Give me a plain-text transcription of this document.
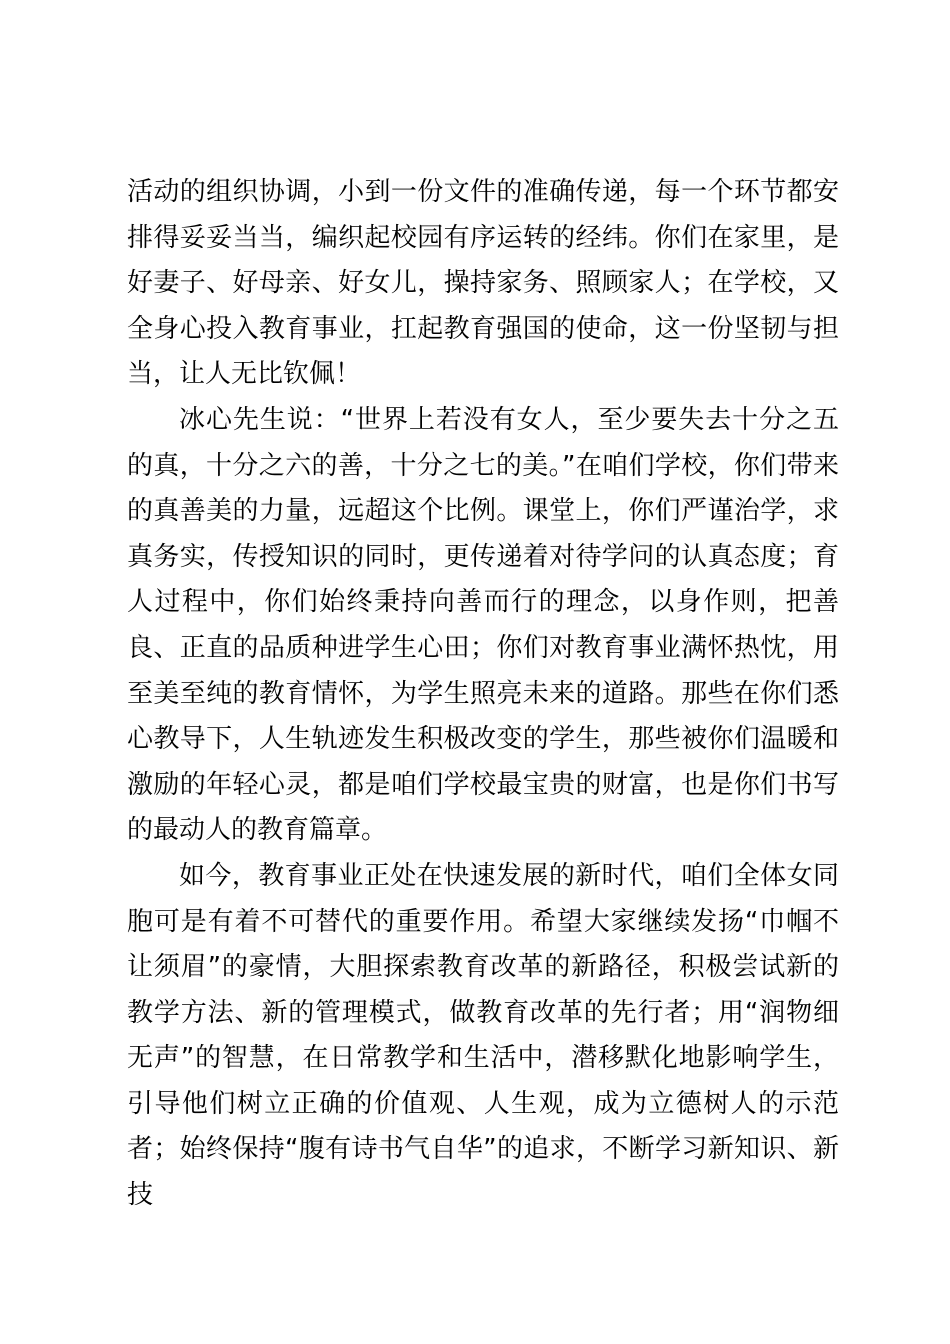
活动的组织协调，小到一份文件的准确传递，每一个环节都安排得妥妥当当，编织起校园有序运转的经纬。你们在家里，是好妻子、好母亲、好女儿，操持家务、照顾家人；在学校，又全身心投入教育事业，扛起教育强国的使命，这一份坚韧与担当，让人无比钦佩！

冰心先生说：“世界上若没有女人，至少要失去十分之五的真，十分之六的善，十分之七的美。”在咱们学校，你们带来的真善美的力量，远超这个比例。课堂上，你们严谨治学，求真务实，传授知识的同时，更传递着对待学问的认真态度；育人过程中，你们始终秉持向善而行的理念，以身作则，把善良、正直的品质种进学生心田；你们对教育事业满怀热忱，用至美至纯的教育情怀，为学生照亮未来的道路。那些在你们悉心教导下，人生轨迹发生积极改变的学生，那些被你们温暖和激励的年轻心灵，都是咱们学校最宝贵的财富，也是你们书写的最动人的教育篇章。

如今，教育事业正处在快速发展的新时代，咱们全体女同胞可是有着不可替代的重要作用。希望大家继续发扬“巾帼不让须眉”的豪情，大胆探索教育改革的新路径，积极尝试新的教学方法、新的管理模式，做教育改革的先行者；用“润物细无声”的智慧，在日常教学和生活中，潜移默化地影响学生，引导他们树立正确的价值观、人生观，成为立德树人的示范者；始终保持“腹有诗书气自华”的追求，不断学习新知识、新技
